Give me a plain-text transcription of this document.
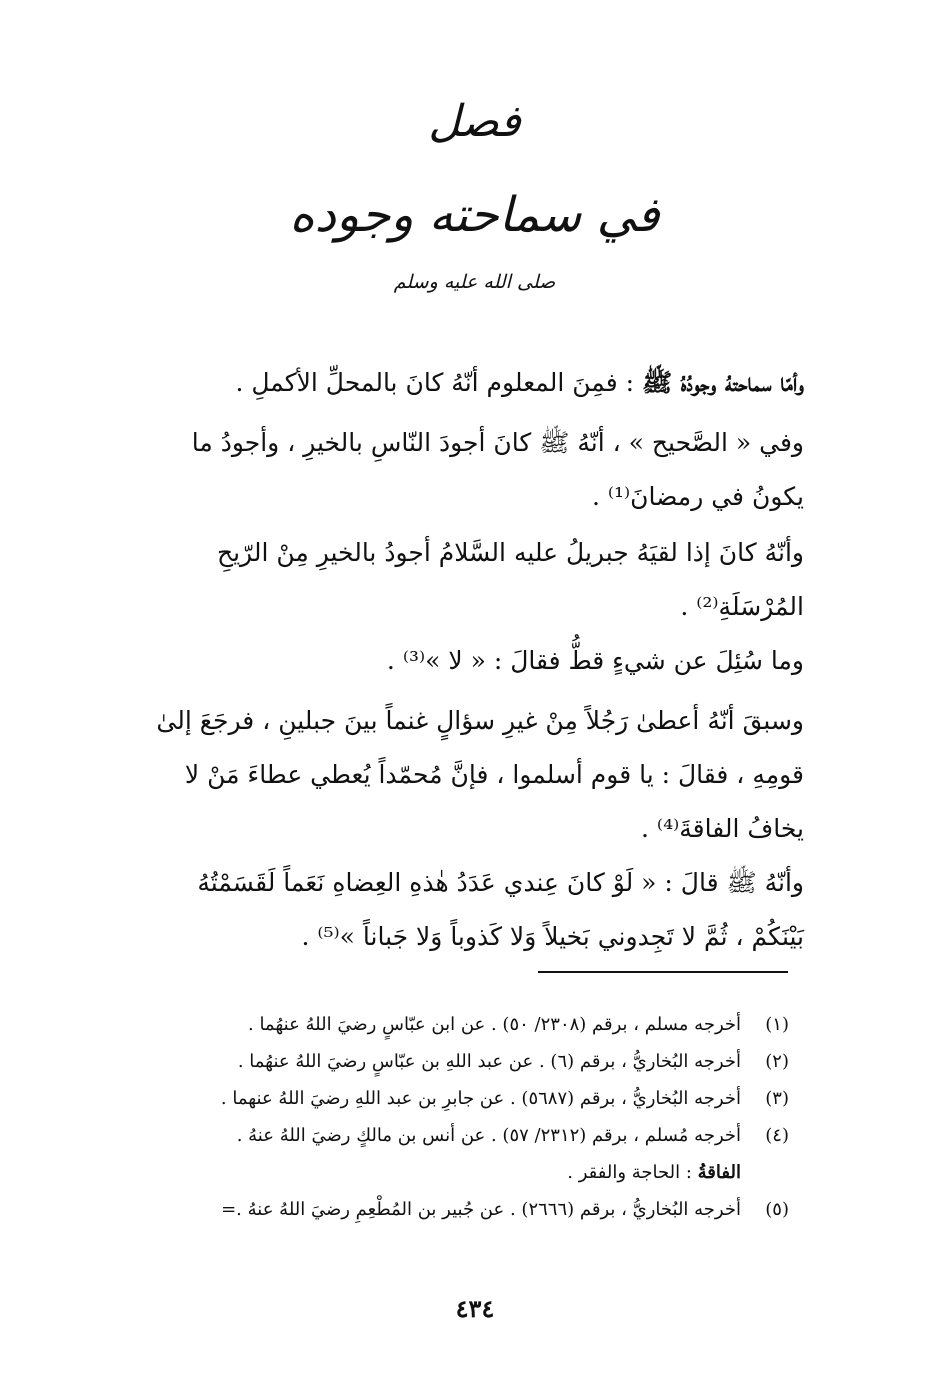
فصل
في سماحته وجوده
صلى الله عليه وسلم

وأمّا سماحتهُ وجودُهُ ﷺ : فمِنَ المعلوم أنّهُ كانَ بالمحلِّ الأكملِ .

وفي « الصَّحيح » ، أنّهُ ﷺ كانَ أجودَ النّاسِ بالخيرِ ، وأجودُ ما يكونُ في رمضانَ⁽¹⁾ .

وأنّهُ كانَ إذا لقيَهُ جبريلُ عليه السَّلامُ أجودُ بالخيرِ مِنْ الرّيحِ المُرْسَلَةِ⁽²⁾ .

وما سُئِلَ عن شيءٍ قطُّ فقالَ : « لا »⁽³⁾ .

وسبقَ أنّهُ أعطىٰ رَجُلاً مِنْ غيرِ سؤالٍ غنماً بينَ جبلينِ ، فرجَعَ إلىٰ قومِهِ ، فقالَ : يا قوم أسلموا ، فإنَّ مُحمّداً يُعطي عطاءَ مَنْ لا يخافُ الفاقةَ⁽⁴⁾ .

وأنّهُ ﷺ قالَ : « لَوْ كانَ عِندي عَدَدُ هٰذهِ العِضاهِ نَعَماً لَقَسَمْتُهُ بَيْنَكُمْ ، ثُمَّ لا تَجِدوني بَخيلاً وَلا كَذوباً وَلا جَباناً »⁽⁵⁾ .

(١)
أخرجه مسلم ، برقم (٢٣٠٨/ ٥٠) . عن ابن عبّاسٍ رضيَ اللهُ عنهُما .
(٢)
أخرجه البُخاريُّ ، برقم (٦) . عن عبد اللهِ بن عبّاسٍ رضيَ اللهُ عنهُما .
(٣)
أخرجه البُخاريُّ ، برقم (٥٦٨٧) . عن جابرِ بن عبد اللهِ رضيَ اللهُ عنهما .
(٤)
أخرجه مُسلم ، برقم (٢٣١٢/ ٥٧) . عن أنس بن مالكٍ رضيَ اللهُ عنهُ .
الفاقةُ : الحاجة والفقر .
(٥)
أخرجه البُخاريُّ ، برقم (٢٦٦٦) . عن جُبير بن المُطْعِمِ رضيَ اللهُ عنهُ .=
٤٣٤
